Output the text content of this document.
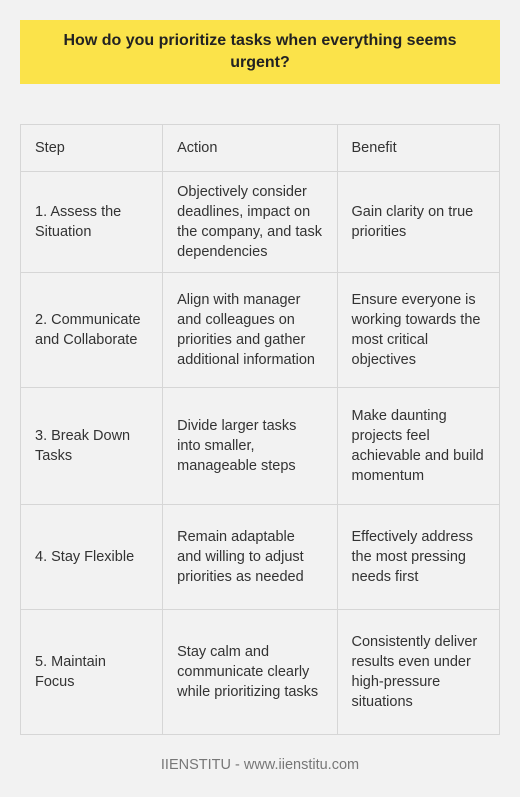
How do you prioritize tasks when everything seems urgent?
Step	Action	Benefit
1. Assess the Situation	Objectively consider deadlines, impact on the company, and task dependencies	Gain clarity on true priorities
2. Communicate and Collaborate	Align with manager and colleagues on priorities and gather additional information	Ensure everyone is working towards the most critical objectives
3. Break Down Tasks	Divide larger tasks into smaller, manageable steps	Make daunting projects feel achievable and build momentum
4. Stay Flexible	Remain adaptable and willing to adjust priorities as needed	Effectively address the most pressing needs first
5. Maintain Focus	Stay calm and communicate clearly while prioritizing tasks	Consistently deliver results even under high-pressure situations
IIENSTITU - www.iienstitu.com
